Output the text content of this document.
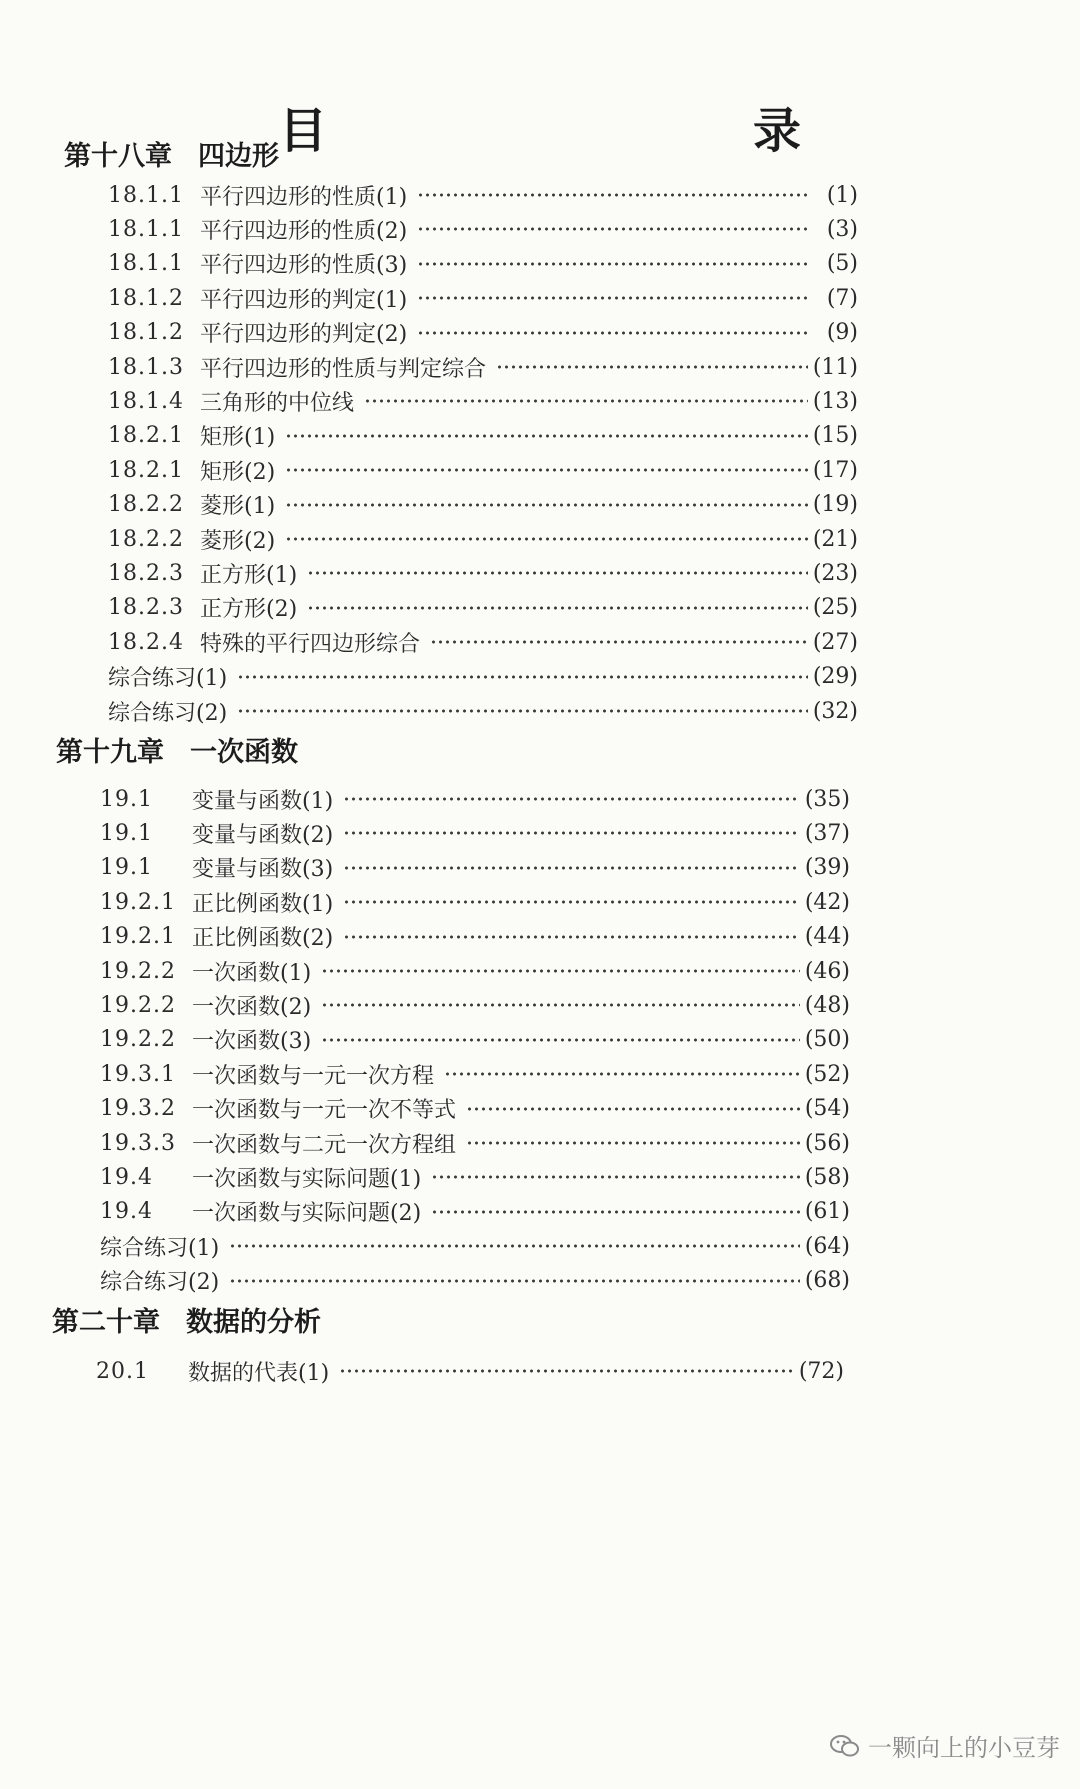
目　　录
第十八章 四边形
18.1.1 平行四边形的性质(1)	(1)
18.1.1 平行四边形的性质(2)	(3)
18.1.1 平行四边形的性质(3)	(5)
18.1.2 平行四边形的判定(1)	(7)
18.1.2 平行四边形的判定(2)	(9)
18.1.3 平行四边形的性质与判定综合	(11)
18.1.4 三角形的中位线	(13)
18.2.1 矩形(1)	(15)
18.2.1 矩形(2)	(17)
18.2.2 菱形(1)	(19)
18.2.2 菱形(2)	(21)
18.2.3 正方形(1)	(23)
18.2.3 正方形(2)	(25)
18.2.4 特殊的平行四边形综合	(27)
综合练习(1)	(29)
综合练习(2)	(32)
第十九章 一次函数
19.1	变量与函数(1)	(35)
19.1	变量与函数(2)	(37)
19.1	变量与函数(3)	(39)
19.2.1 正比例函数(1)	(42)
19.2.1 正比例函数(2)	(44)
19.2.2 一次函数(1)	(46)
19.2.2 一次函数(2)	(48)
19.2.2 一次函数(3)	(50)
19.3.1 一次函数与一元一次方程	(52)
19.3.2 一次函数与一元一次不等式	(54)
19.3.3 一次函数与二元一次方程组	(56)
19.4	一次函数与实际问题(1)	(58)
19.4	一次函数与实际问题(2)	(61)
综合练习(1)	(64)
综合练习(2)	(68)
第二十章 数据的分析
20.1	数据的代表(1)	(72)
一颗向上的小豆芽
